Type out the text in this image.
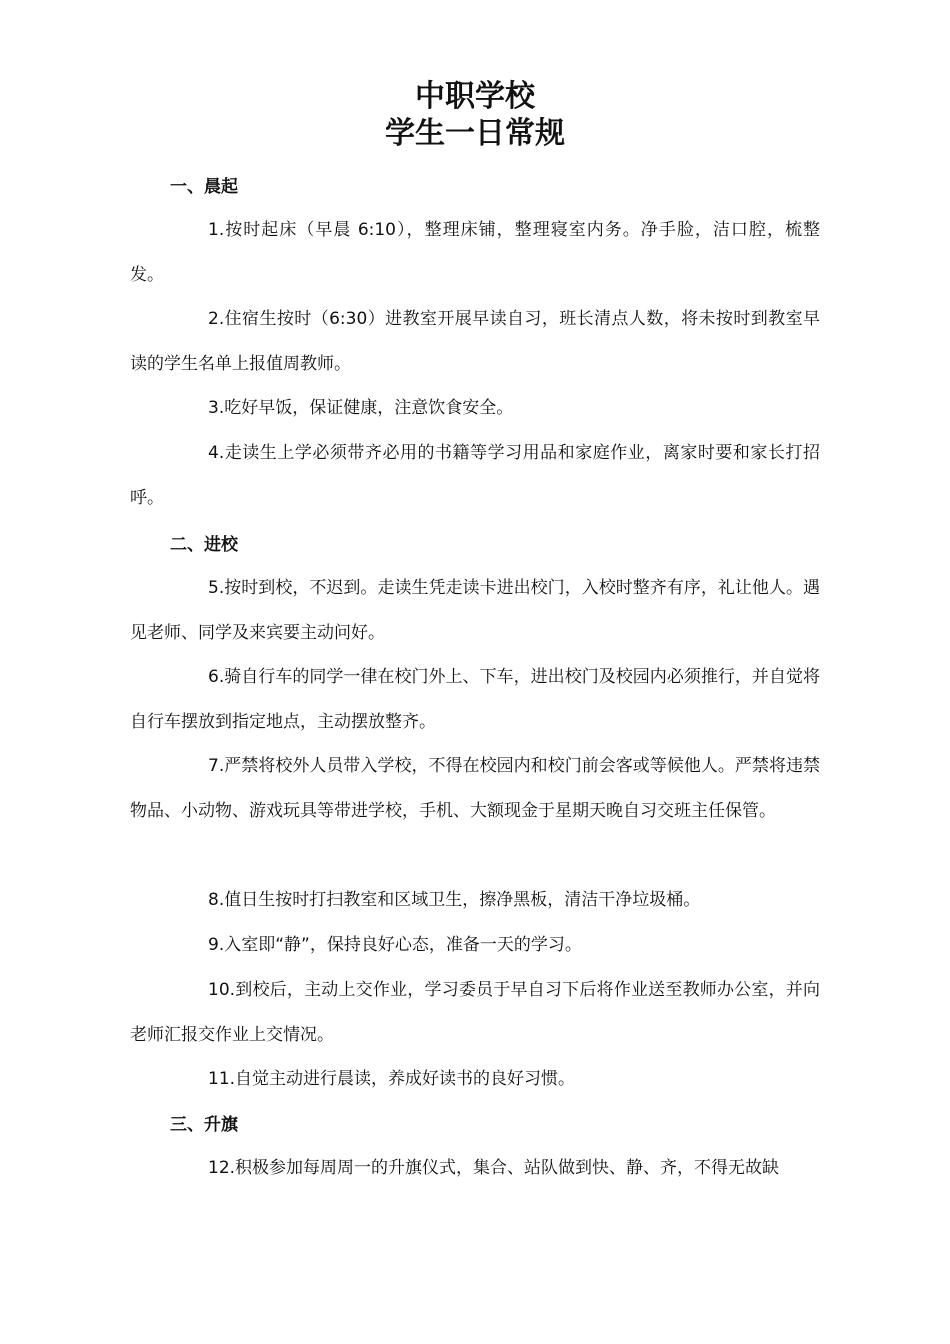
中职学校
学生一日常规
一、晨起

1.按时起床（早晨 6:10），整理床铺，整理寝室内务。净手脸，洁口腔，梳整发。

2.住宿生按时（6:30）进教室开展早读自习，班长清点人数，将未按时到教室早读的学生名单上报值周教师。

3.吃好早饭，保证健康，注意饮食安全。

4.走读生上学必须带齐必用的书籍等学习用品和家庭作业，离家时要和家长打招呼。

二、进校

5.按时到校，不迟到。走读生凭走读卡进出校门，入校时整齐有序，礼让他人。遇见老师、同学及来宾要主动问好。

6.骑自行车的同学一律在校门外上、下车，进出校门及校园内必须推行，并自觉将自行车摆放到指定地点，主动摆放整齐。

7.严禁将校外人员带入学校，不得在校园内和校门前会客或等候他人。严禁将违禁物品、小动物、游戏玩具等带进学校，手机、大额现金于星期天晚自习交班主任保管。

8.值日生按时打扫教室和区域卫生，擦净黑板，清洁干净垃圾桶。

9.入室即“静”，保持良好心态，准备一天的学习。

10.到校后，主动上交作业，学习委员于早自习下后将作业送至教师办公室，并向老师汇报交作业上交情况。

11.自觉主动进行晨读，养成好读书的良好习惯。

三、升旗

12.积极参加每周周一的升旗仪式，集合、站队做到快、静、齐，不得无故缺
